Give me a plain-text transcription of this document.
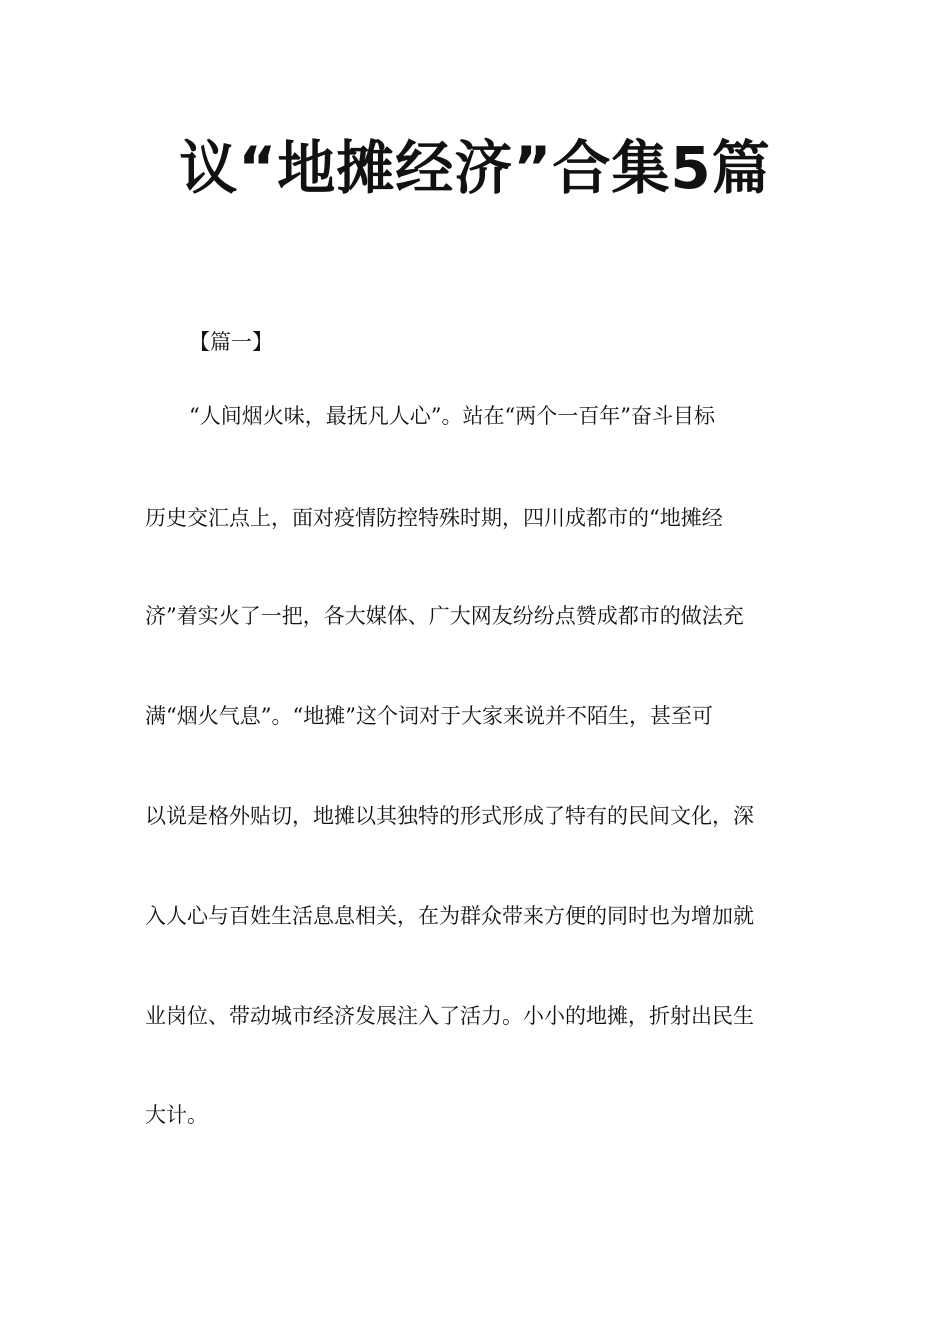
议“地摊经济”合集5篇
【篇一】
“人间烟火味，最抚凡人心”。站在“两个一百年”奋斗目标
历史交汇点上，面对疫情防控特殊时期，四川成都市的“地摊经
济”着实火了一把，各大媒体、广大网友纷纷点赞成都市的做法充
满“烟火气息”。“地摊”这个词对于大家来说并不陌生，甚至可
以说是格外贴切，地摊以其独特的形式形成了特有的民间文化，深
入人心与百姓生活息息相关，在为群众带来方便的同时也为增加就
业岗位、带动城市经济发展注入了活力。小小的地摊，折射出民生
大计。
